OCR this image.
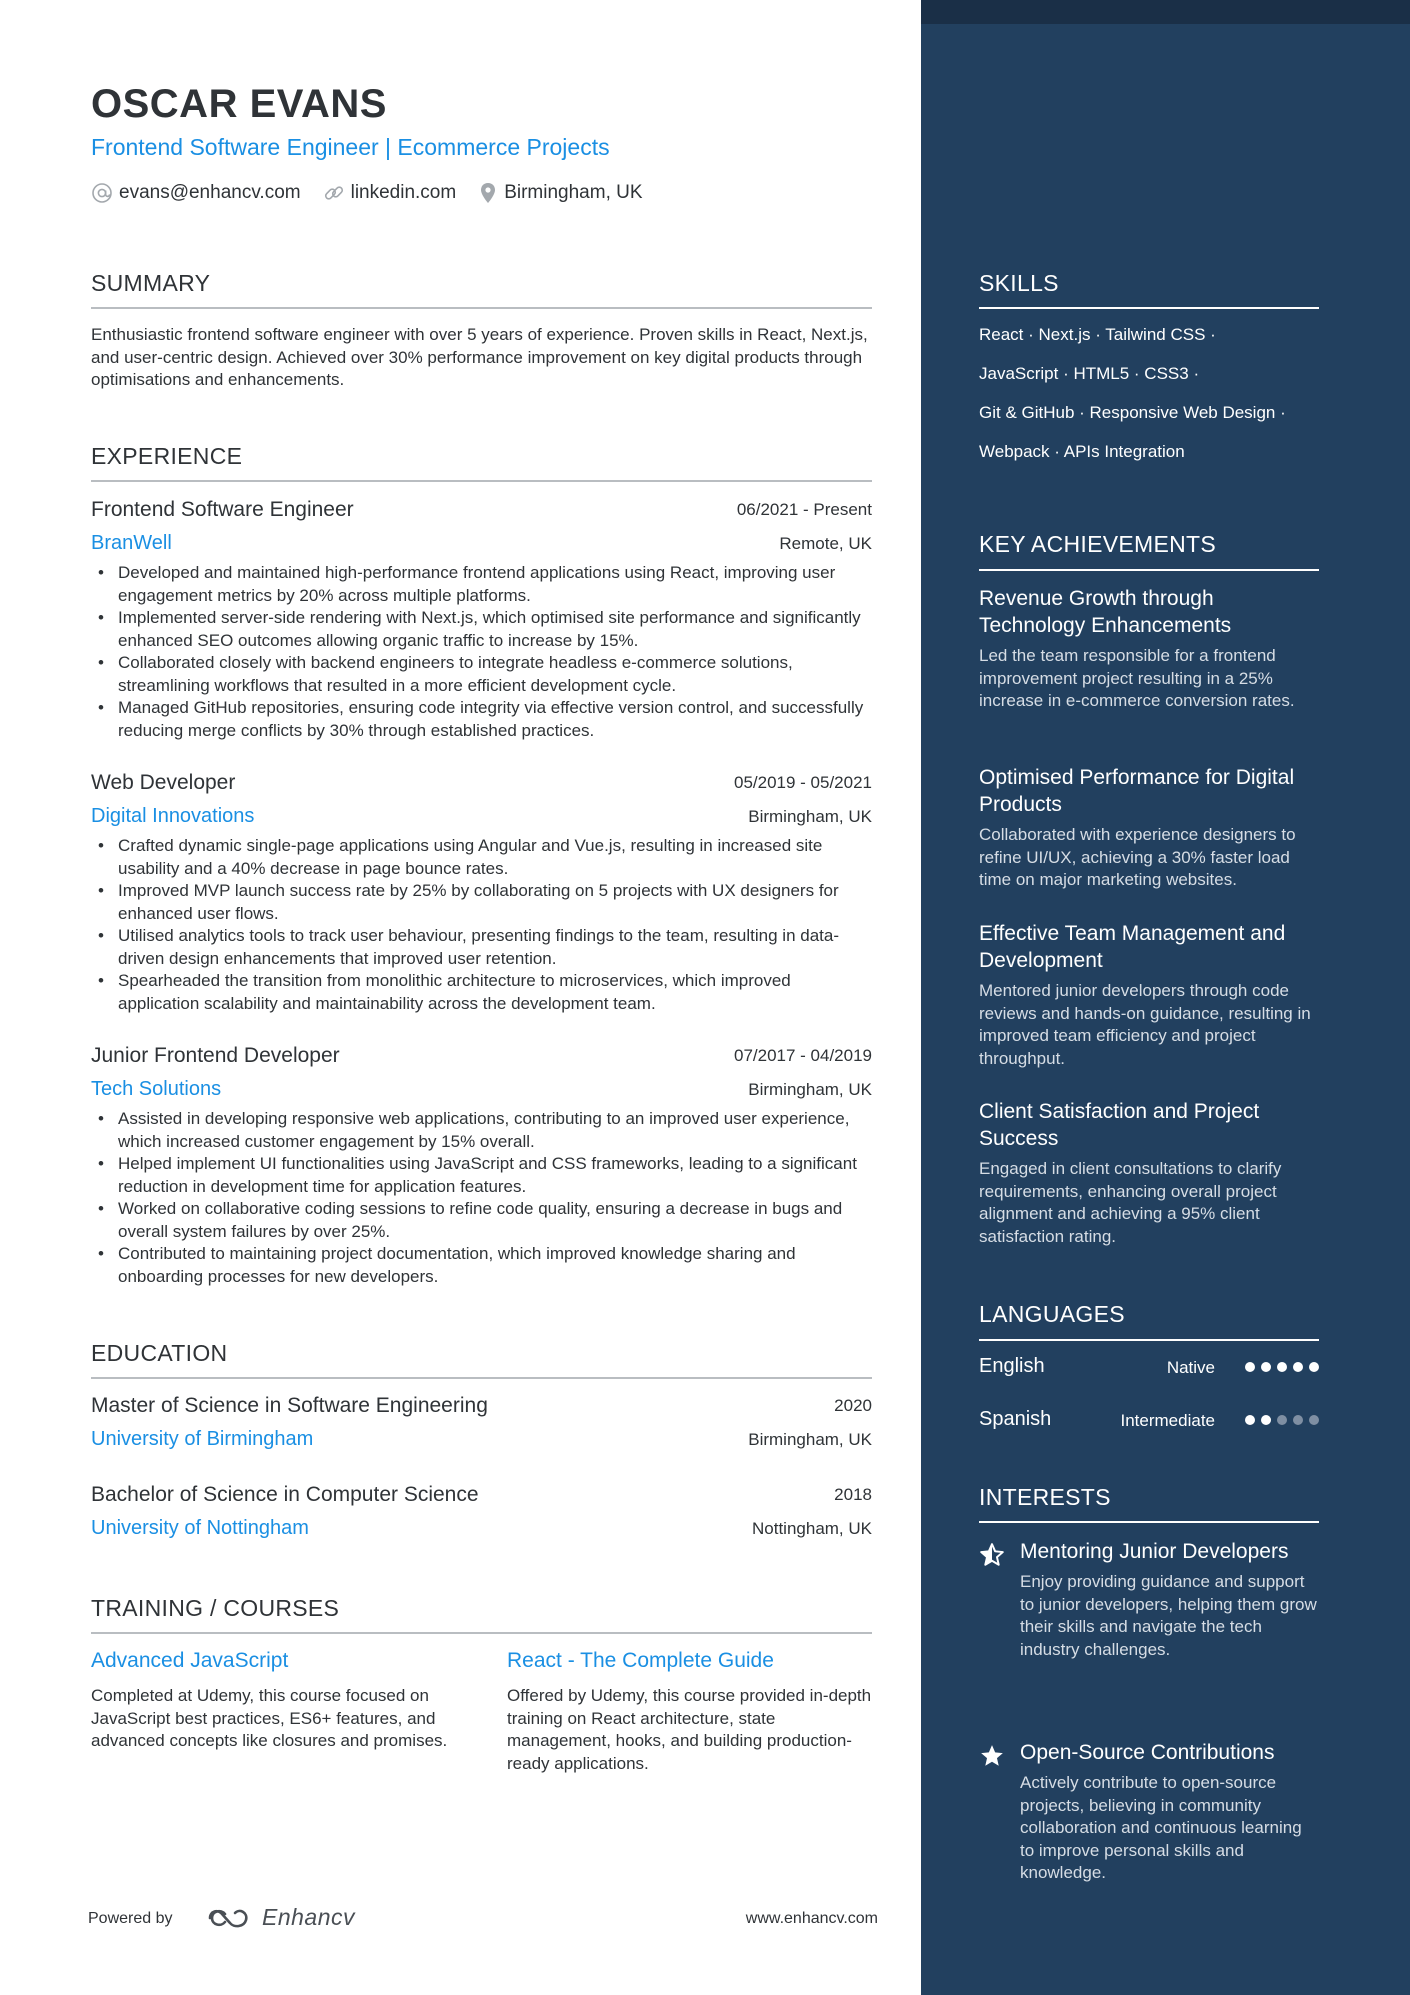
OSCAR EVANS
Frontend Software Engineer | Ecommerce Projects
evans@enhancv.com	linkedin.com	Birmingham, UK
SUMMARY
Enthusiastic frontend software engineer with over 5 years of experience. Proven skills in React, Next.js, and user-centric design. Achieved over 30% performance improvement on key digital products through optimisations and enhancements.
EXPERIENCE
Frontend Software Engineer	06/2021 - Present
BranWell	Remote, UK
• Developed and maintained high-performance frontend applications using React, improving user engagement metrics by 20% across multiple platforms.
• Implemented server-side rendering with Next.js, which optimised site performance and significantly enhanced SEO outcomes allowing organic traffic to increase by 15%.
• Collaborated closely with backend engineers to integrate headless e-commerce solutions, streamlining workflows that resulted in a more efficient development cycle.
• Managed GitHub repositories, ensuring code integrity via effective version control, and successfully reducing merge conflicts by 30% through established practices.
Web Developer	05/2019 - 05/2021
Digital Innovations	Birmingham, UK
• Crafted dynamic single-page applications using Angular and Vue.js, resulting in increased site usability and a 40% decrease in page bounce rates.
• Improved MVP launch success rate by 25% by collaborating on 5 projects with UX designers for enhanced user flows.
• Utilised analytics tools to track user behaviour, presenting findings to the team, resulting in data-driven design enhancements that improved user retention.
• Spearheaded the transition from monolithic architecture to microservices, which improved application scalability and maintainability across the development team.
Junior Frontend Developer	07/2017 - 04/2019
Tech Solutions	Birmingham, UK
• Assisted in developing responsive web applications, contributing to an improved user experience, which increased customer engagement by 15% overall.
• Helped implement UI functionalities using JavaScript and CSS frameworks, leading to a significant reduction in development time for application features.
• Worked on collaborative coding sessions to refine code quality, ensuring a decrease in bugs and overall system failures by over 25%.
• Contributed to maintaining project documentation, which improved knowledge sharing and onboarding processes for new developers.
EDUCATION
Master of Science in Software Engineering	2020
University of Birmingham	Birmingham, UK
Bachelor of Science in Computer Science	2018
University of Nottingham	Nottingham, UK
TRAINING / COURSES
Advanced JavaScript
Completed at Udemy, this course focused on JavaScript best practices, ES6+ features, and advanced concepts like closures and promises.
React - The Complete Guide
Offered by Udemy, this course provided in-depth training on React architecture, state management, hooks, and building production-ready applications.
Powered by	Enhancv	www.enhancv.com
SKILLS
React · Next.js · Tailwind CSS ·
JavaScript · HTML5 · CSS3 ·
Git & GitHub · Responsive Web Design ·
Webpack · APIs Integration
KEY ACHIEVEMENTS
Revenue Growth through Technology Enhancements
Led the team responsible for a frontend improvement project resulting in a 25% increase in e-commerce conversion rates.
Optimised Performance for Digital Products
Collaborated with experience designers to refine UI/UX, achieving a 30% faster load time on major marketing websites.
Effective Team Management and Development
Mentored junior developers through code reviews and hands-on guidance, resulting in improved team efficiency and project throughput.
Client Satisfaction and Project Success
Engaged in client consultations to clarify requirements, enhancing overall project alignment and achieving a 95% client satisfaction rating.
LANGUAGES
English	Native
Spanish	Intermediate
INTERESTS
Mentoring Junior Developers
Enjoy providing guidance and support to junior developers, helping them grow their skills and navigate the tech industry challenges.
Open-Source Contributions
Actively contribute to open-source projects, believing in community collaboration and continuous learning to improve personal skills and knowledge.
